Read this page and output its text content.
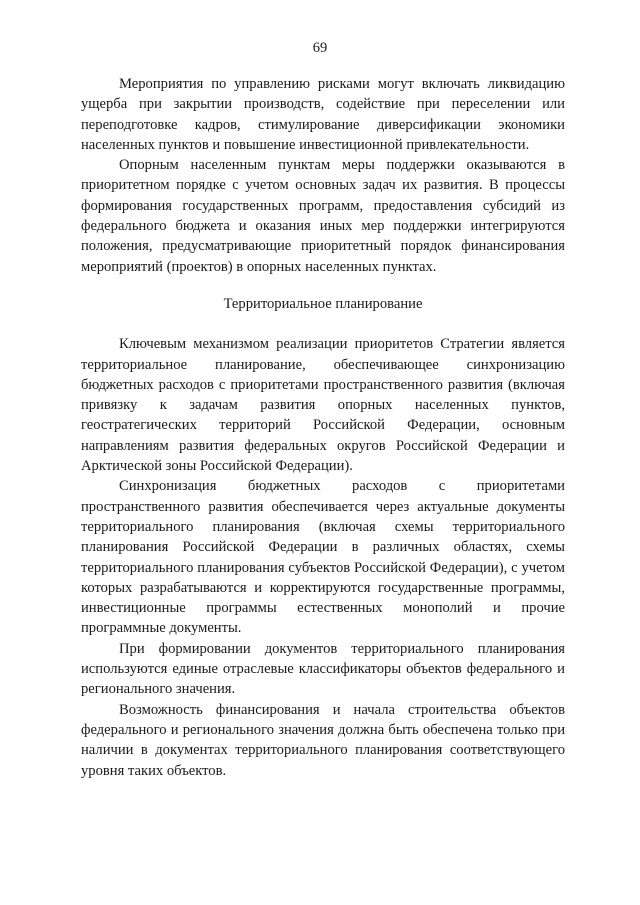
69

Мероприятия по управлению рисками могут включать ликвидацию ущерба при закрытии производств, содействие при переселении или переподготовке кадров, стимулирование диверсификации экономики населенных пунктов и повышение инвестиционной привлекательности.

Опорным населенным пунктам меры поддержки оказываются в приоритетном порядке с учетом основных задач их развития. В процессы формирования государственных программ, предоставления субсидий из федерального бюджета и оказания иных мер поддержки интегрируются положения, предусматривающие приоритетный порядок финансирования мероприятий (проектов) в опорных населенных пунктах.

Территориальное планирование

Ключевым механизмом реализации приоритетов Стратегии является территориальное планирование, обеспечивающее синхронизацию бюджетных расходов с приоритетами пространственного развития (включая привязку к задачам развития опорных населенных пунктов, геостратегических территорий Российской Федерации, основным направлениям развития федеральных округов Российской Федерации и Арктической зоны Российской Федерации).

Синхронизация бюджетных расходов с приоритетами пространственного развития обеспечивается через актуальные документы территориального планирования (включая схемы территориального планирования Российской Федерации в различных областях, схемы территориального планирования субъектов Российской Федерации), с учетом которых разрабатываются и корректируются государственные программы, инвестиционные программы естественных монополий и прочие программные документы.

При формировании документов территориального планирования используются единые отраслевые классификаторы объектов федерального и регионального значения.

Возможность финансирования и начала строительства объектов федерального и регионального значения должна быть обеспечена только при наличии в документах территориального планирования соответствующего уровня таких объектов.
